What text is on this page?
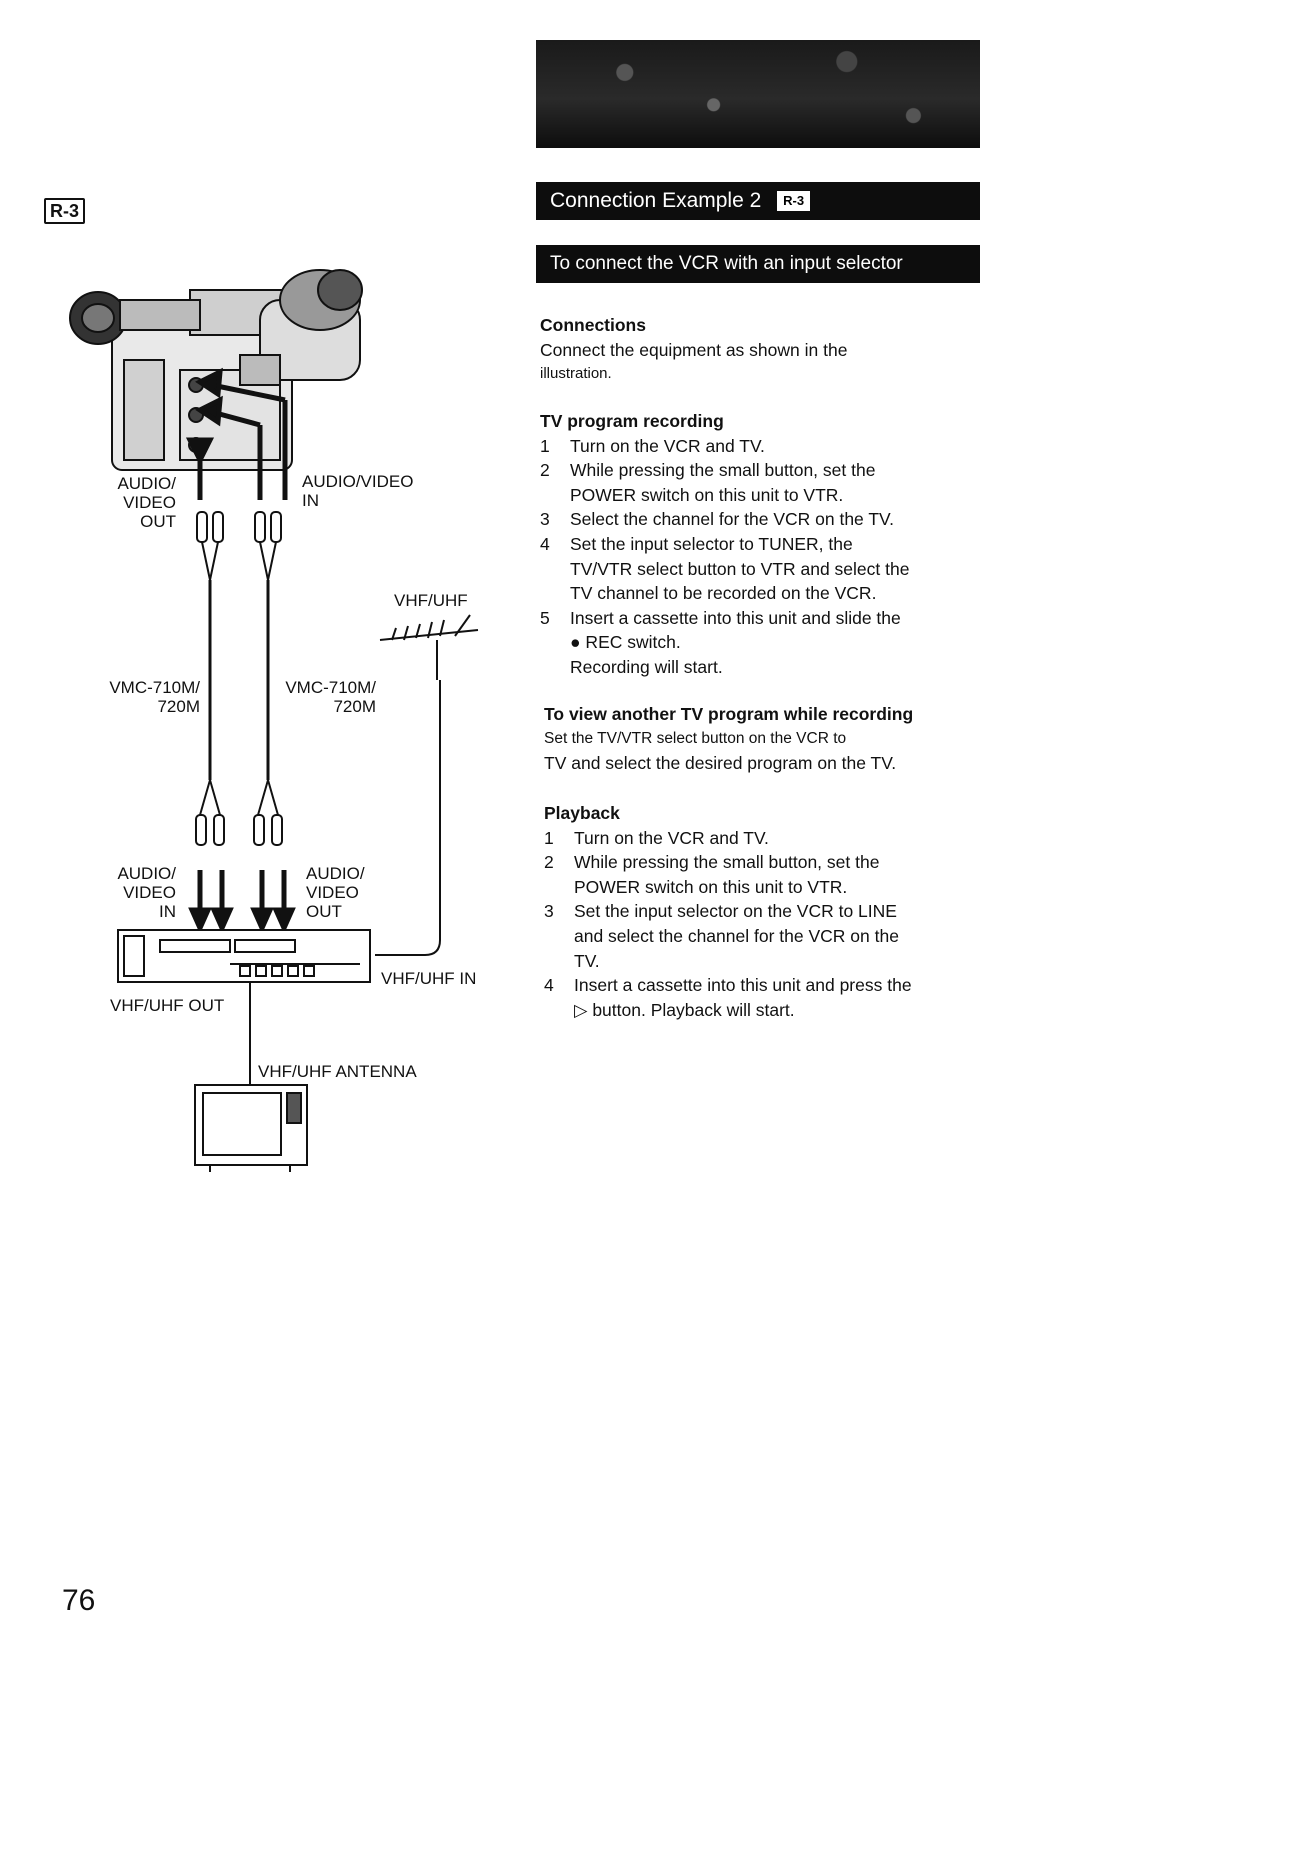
R-3	Connection Example 2 R-3
To connect the VCR with an input selector
AUDIO/
VIDEO
OUT
AUDIO/VIDEO
IN
VHF/UHF
VMC-710M/
720M
VMC-710M/
720M
AUDIO/
VIDEO
IN
AUDIO/
VIDEO
OUT
VHF/UHF IN
VHF/UHF OUT
VHF/UHF ANTENNA
Connections
Connect the equipment as shown in the
illustration.
TV program recording
1	Turn on the VCR and TV.
2	While pressing the small button, set the
POWER switch on this unit to VTR.
3	Select the channel for the VCR on the TV.
4	Set the input selector to TUNER, the
TV/VTR select button to VTR and select the
TV channel to be recorded on the VCR.
5	Insert a cassette into this unit and slide the
● REC switch.
Recording will start.
To view another TV program while recording
Set the TV/VTR select button on the VCR to
TV and select the desired program on the TV.
Playback
1	Turn on the VCR and TV.
2	While pressing the small button, set the
POWER switch on this unit to VTR.
3	Set the input selector on the VCR to LINE
and select the channel for the VCR on the
TV.
4	Insert a cassette into this unit and press the
▷ button. Playback will start.
76
